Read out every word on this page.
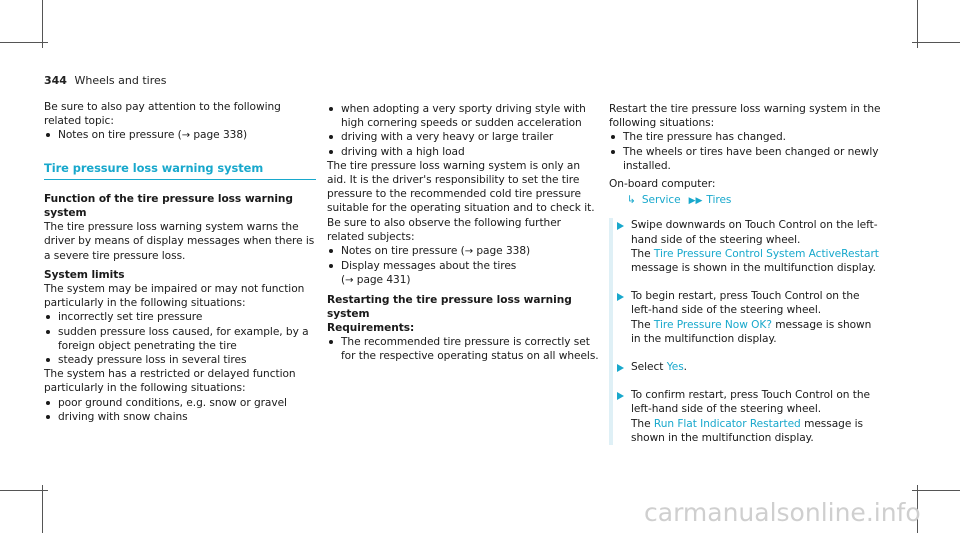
344 Wheels and tires

Be sure to also pay attention to the following related topic:

Notes on tire pressure (→ page 338)

Tire pressure loss warning system

Function of the tire pressure loss warning system

The tire pressure loss warning system warns the driver by means of display messages when there is a severe tire pressure loss.

System limits

The system may be impaired or may not function particularly in the following situations:

incorrectly set tire pressure
sudden pressure loss caused, for example, by a foreign object penetrating the tire
steady pressure loss in several tires

The system has a restricted or delayed function particularly in the following situations:

poor ground conditions, e.g. snow or gravel
driving with snow chains
when adopting a very sporty driving style with high cornering speeds or sudden acceleration
driving with a very heavy or large trailer
driving with a high load

The tire pressure loss warning system is only an aid. It is the driver's responsibility to set the tire pressure to the recommended cold tire pressure suitable for the operating situation and to check it.

Be sure to also observe the following further related subjects:

Notes on tire pressure (→ page 338)
Display messages about the tires
(→ page 431)

Restarting the tire pressure loss warning system

Requirements:

The recommended tire pressure is correctly set for the respective operating status on all wheels.

Restart the tire pressure loss warning system in the following situations:

The tire pressure has changed.
The wheels or tires have been changed or newly installed.

On-board computer:

↳ Service ▶▶ Tires

Swipe downwards on Touch Control on the left-hand side of the steering wheel.

The Tire Pressure Control System ActiveRestart message is shown in the multifunction display.

To begin restart, press Touch Control on the left-hand side of the steering wheel.

The Tire Pressure Now OK? message is shown in the multifunction display.

Select Yes.

To confirm restart, press Touch Control on the left-hand side of the steering wheel.

The Run Flat Indicator Restarted message is shown in the multifunction display.

carmanualsonline.info
